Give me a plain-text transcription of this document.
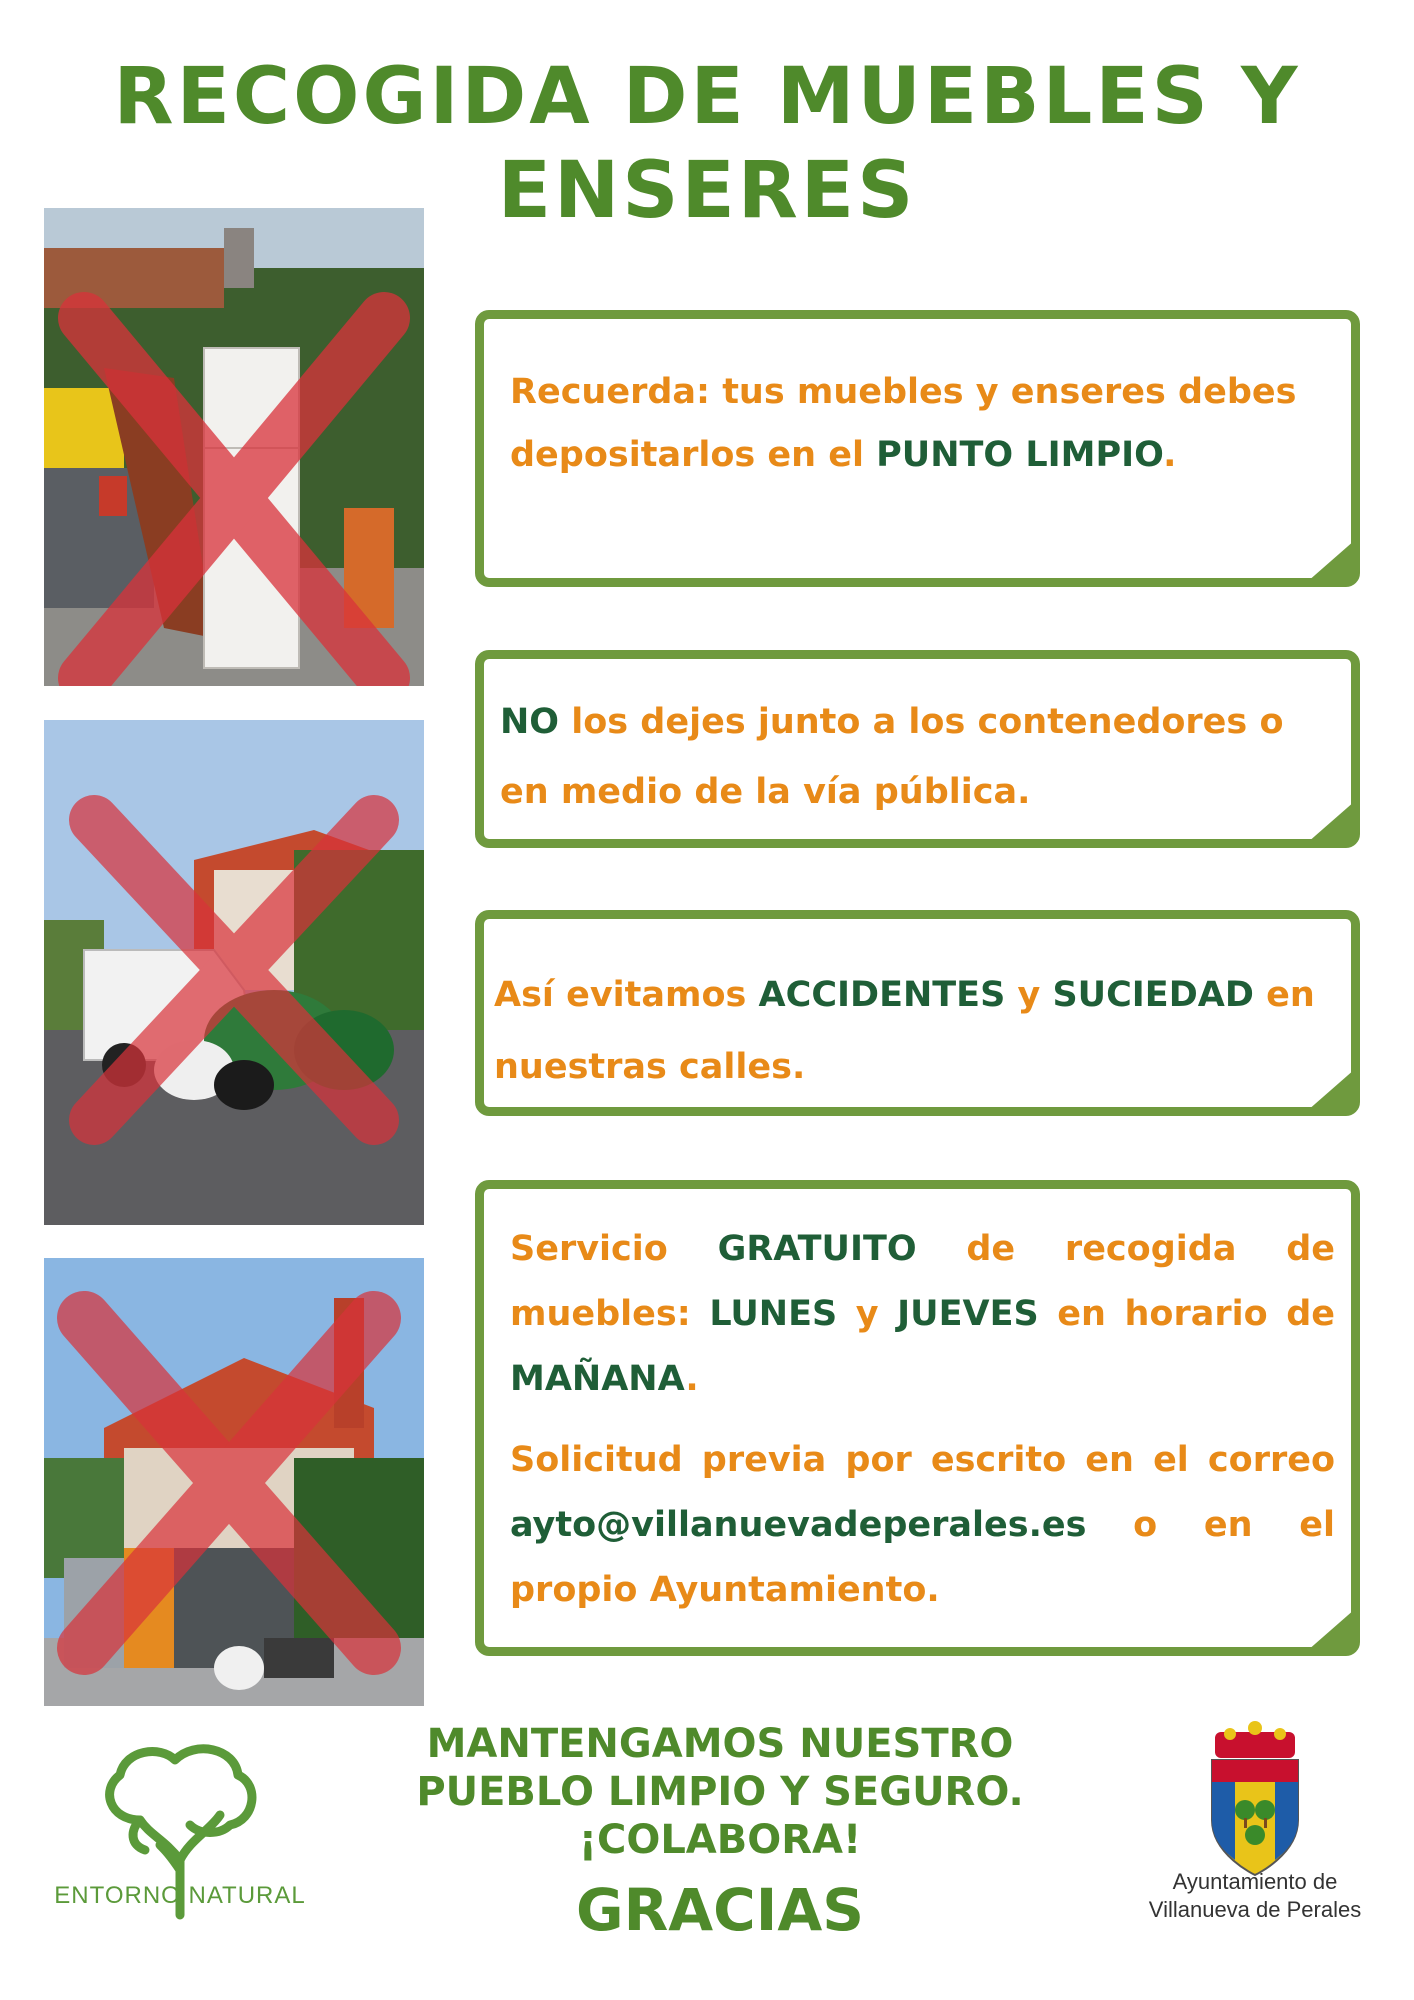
RECOGIDA DE MUEBLES Y
ENSERES

Recuerda: tus muebles y enseres debes depositarlos en el PUNTO LIMPIO.

NO los dejes junto a los contenedores o en medio de la vía pública.

Así evitamos ACCIDENTES y SUCIEDAD en nuestras calles.

Servicio GRATUITO de recogida de muebles: LUNES y JUEVES en horario de MAÑANA.

Solicitud previa por escrito en el correo ayto@villanuevadeperales.es o en el propio Ayuntamiento.

MANTENGAMOS NUESTRO
PUEBLO LIMPIO Y SEGURO.
¡COLABORA!
GRACIAS
ENTORNO NATURAL
Ayuntamiento de
Villanueva de Perales
